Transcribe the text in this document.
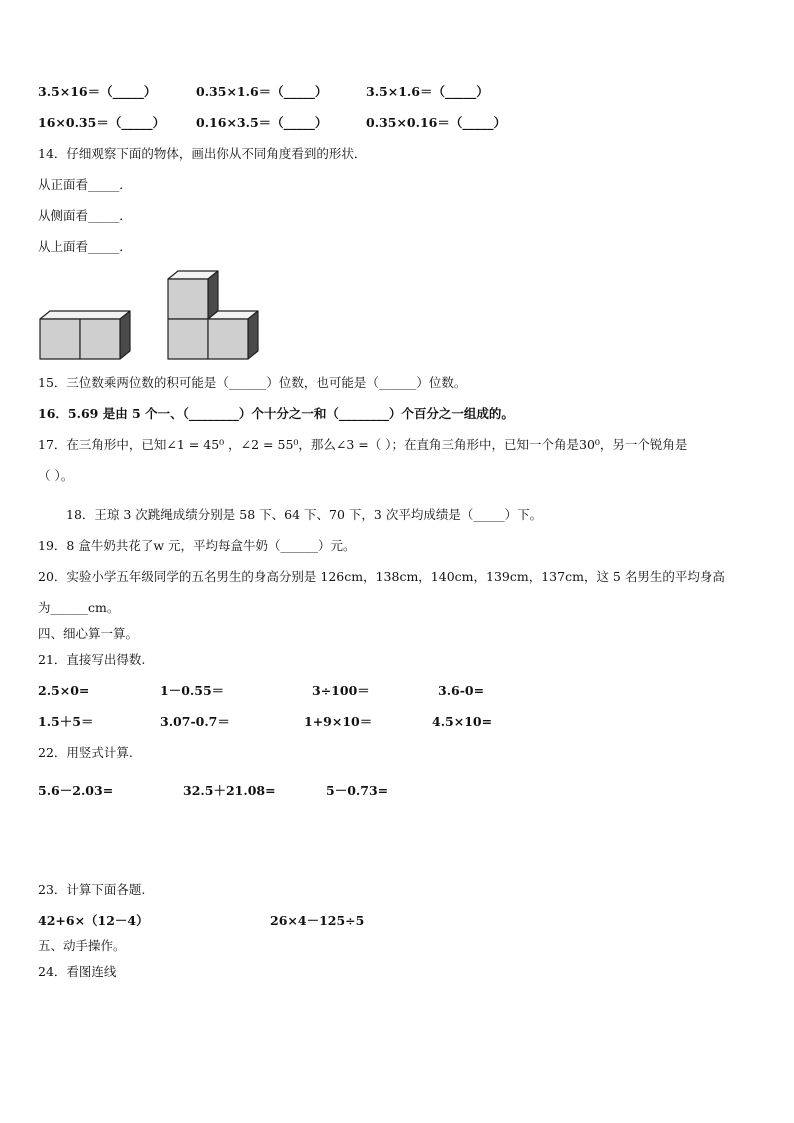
3.5×16＝（_____）	0.35×1.6＝（_____）	3.5×1.6＝（_____）
16×0.35＝（_____） 0.16×3.5＝（_____）	0.35×0.16＝（_____）
14．仔细观察下面的物体，画出你从不同角度看到的形状．
从正面看_____．
从侧面看_____．
从上面看_____．
15．三位数乘两位数的积可能是（______）位数，也可能是（______）位数。
16．5.69 是由 5 个一、（________）个十分之一和（________）个百分之一组成的。
17．在三角形中，已知∠1 = 45⁰ ，∠2 = 55⁰，那么∠3 =（ ）；在直角三角形中，已知一个角是30⁰，另一个锐角是
（ ）。
18．王琼 3 次跳绳成绩分别是 58 下、64 下、70 下，3 次平均成绩是（_____）下。
19．8 盒牛奶共花了w 元，平均每盒牛奶（______）元。
20．实验小学五年级同学的五名男生的身高分别是 126cm，138cm，140cm，139cm，137cm，这 5 名男生的平均身高
为______cm。
四、细心算一算。
21．直接写出得数.
2.5×0=	1－0.55＝	3÷100＝	3.6-0=
1.5＋5＝	3.07-0.7＝	1+9×10＝	4.5×10=
22．用竖式计算.
5.6－2.03=	32.5＋21.08=	5－0.73=
23．计算下面各题.
42+6×（12－4）	26×4－125÷5
五、动手操作。
24．看图连线
